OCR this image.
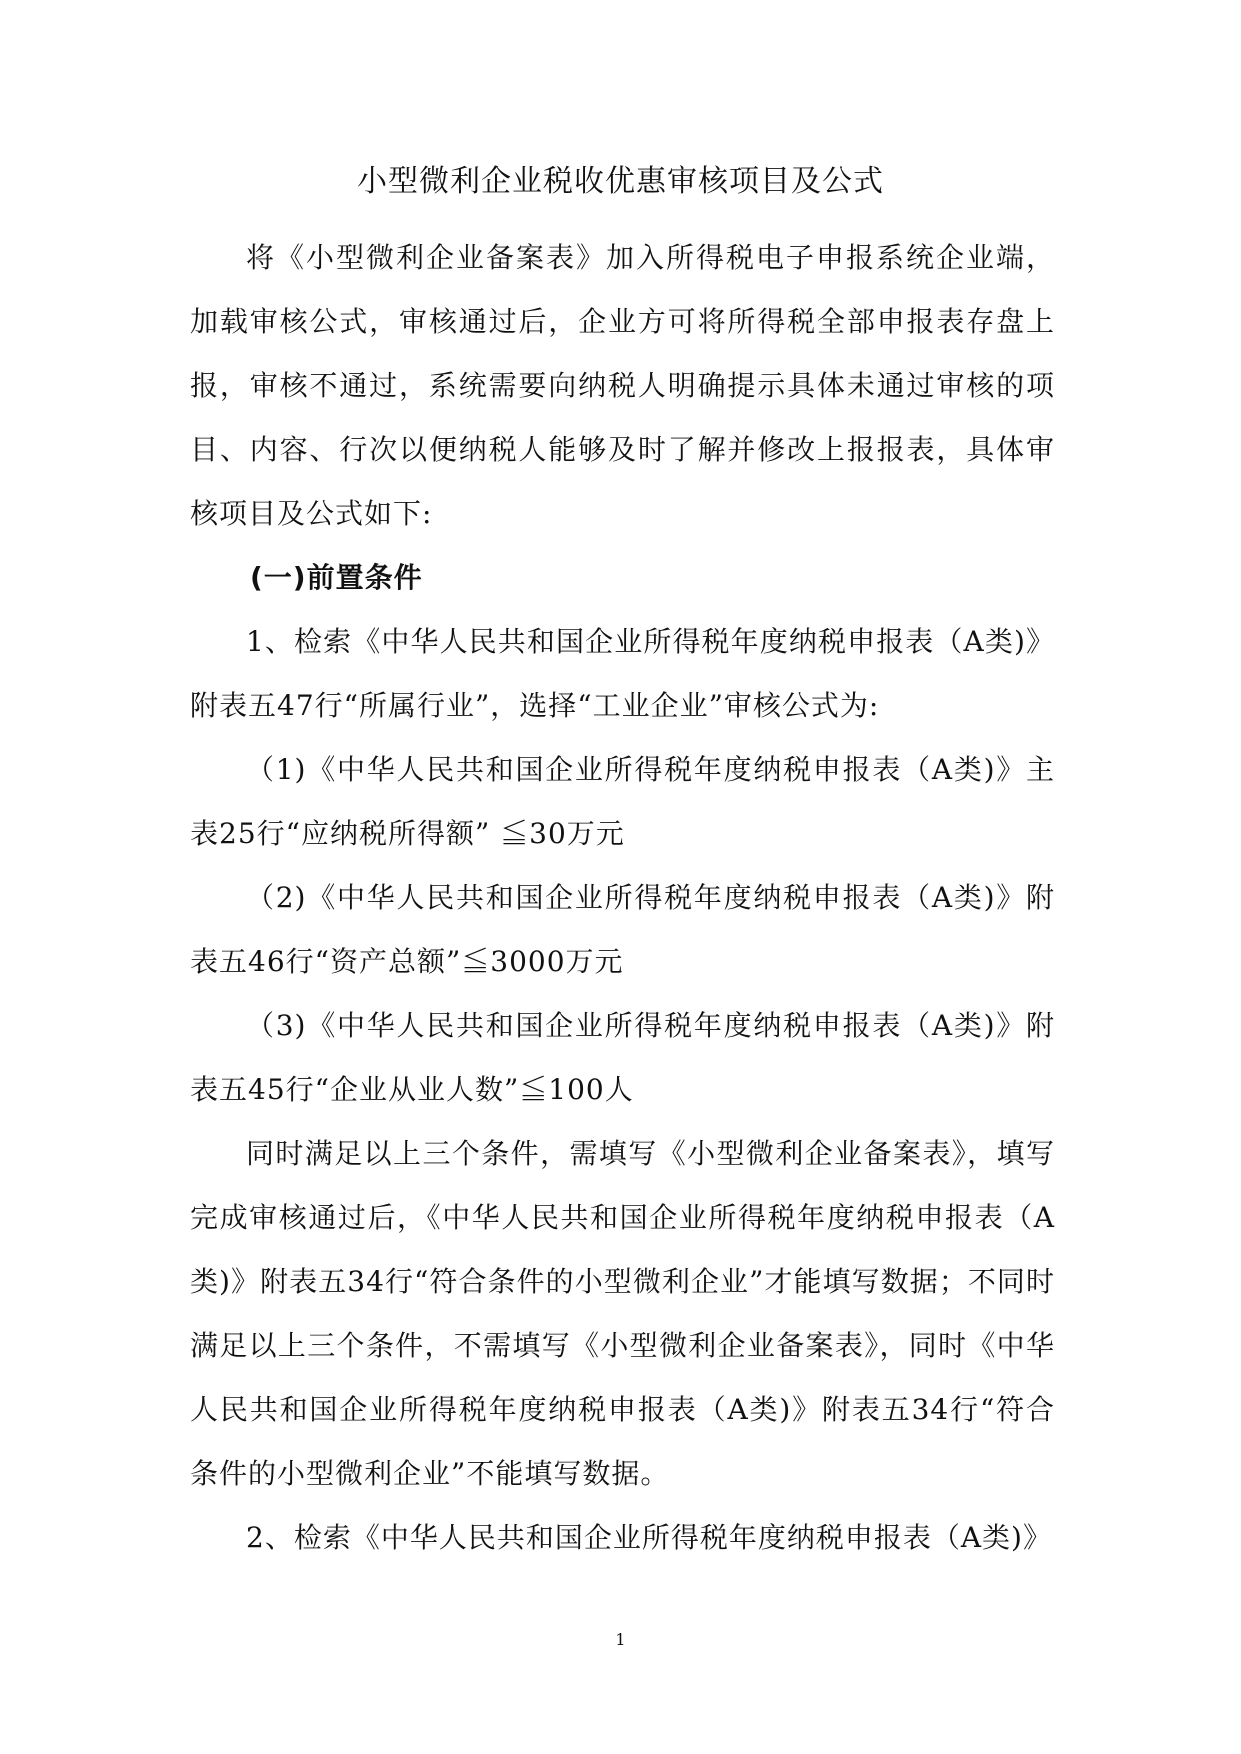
小型微利企业税收优惠审核项目及公式

将《小型微利企业备案表》加入所得税电子申报系统企业端，加载审核公式，审核通过后，企业方可将所得税全部申报表存盘上报，审核不通过，系统需要向纳税人明确提示具体未通过审核的项目、内容、行次以便纳税人能够及时了解并修改上报报表，具体审核项目及公式如下:

(一)前置条件

1、检索《中华人民共和国企业所得税年度纳税申报表（A类)》附表五47行“所属行业”，选择“工业企业”审核公式为:

（1)《中华人民共和国企业所得税年度纳税申报表（A类)》主表25行“应纳税所得额” ≦30万元

（2)《中华人民共和国企业所得税年度纳税申报表（A类)》附表五46行“资产总额”≦3000万元

（3)《中华人民共和国企业所得税年度纳税申报表（A类)》附表五45行“企业从业人数”≦100人

同时满足以上三个条件，需填写《小型微利企业备案表》，填写完成审核通过后，《中华人民共和国企业所得税年度纳税申报表（A类)》附表五34行“符合条件的小型微利企业”才能填写数据；不同时满足以上三个条件，不需填写《小型微利企业备案表》，同时《中华人民共和国企业所得税年度纳税申报表（A类)》附表五34行“符合条件的小型微利企业”不能填写数据。

2、检索《中华人民共和国企业所得税年度纳税申报表（A类)》

1
